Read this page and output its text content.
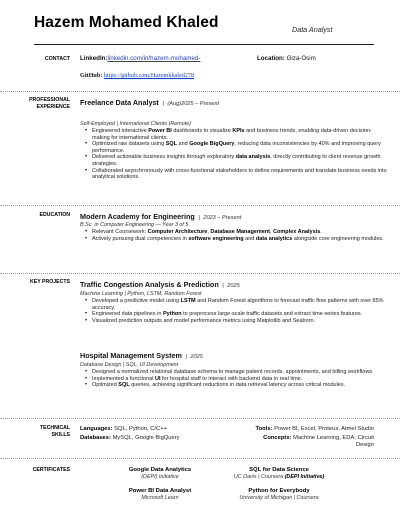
Hazem Mohamed Khaled	Data Analyst
CONTACT LinkedIn:linkedin.com/in/hazem-mohamed-	Location: Giza-Osim
GitHub: https://github.com/Hazemkhaled278
PROFESSIONAL
EXPERIENCE Freelance Data Analyst  |  (Aug)2025 – Present
Self-Employed | International Clients (Remote)
• Engineered interactive Power BI dashboards to visualize KPIs and business trends, enabling data-driven decision-making for international clients.
• Optimized raw datasets using SQL and Google BigQuery, reducing data inconsistencies by 40% and improving query performance.
• Delivered actionable business insights through exploratory data analysis, directly contributing to client revenue growth strategies.
• Collaborated asynchronously with cross-functional stakeholders to define requirements and translate business needs into analytical solutions.
EDUCATION Modern Academy for Engineering  |  2023 – Present
B.Sc. in Computer Engineering — Year 3 of 5
• Relevant Coursework: Computer Architecture, Database Management, Complex Analysis.
• Actively pursuing dual competencies in software engineering and data analytics alongside core engineering modules.
KEY PROJECTS Traffic Congestion Analysis & Prediction  |  2025
Machine Learning | Python, LSTM, Random Forest
• Developed a predictive model using LSTM and Random Forest algorithms to forecast traffic flow patterns with over 85% accuracy.
• Engineered data pipelines in Python to preprocess large-scale traffic datasets and extract time-series features.
• Visualized prediction outputs and model performance metrics using Matplotlib and Seaborn.
Hospital Management System  |  2025
Database Design | SQL, UI Development
• Designed a normalized relational database schema to manage patient records, appointments, and billing workflows.
• Implemented a functional UI for hospital staff to interact with backend data in real time.
• Optimized SQL queries, achieving significant reductions in data retrieval latency across critical modules.
TECHNICAL
SKILLS
Languages: SQL, Python, C/C++
Databases: MySQL, Google BigQuery
Tools: Power BI, Excel, Proteus, Atmel Studio
Concepts: Machine Learning, EDA, Circuit
Design
CERTIFICATES	Google Data Analytics
(DEPI) Initiative
SQL for Data Science
UC Davis | Coursera (DEPI Initiative)
Power BI Data Analyst
Microsoft Learn
Python for Everybody
University of Michigan | Coursera
